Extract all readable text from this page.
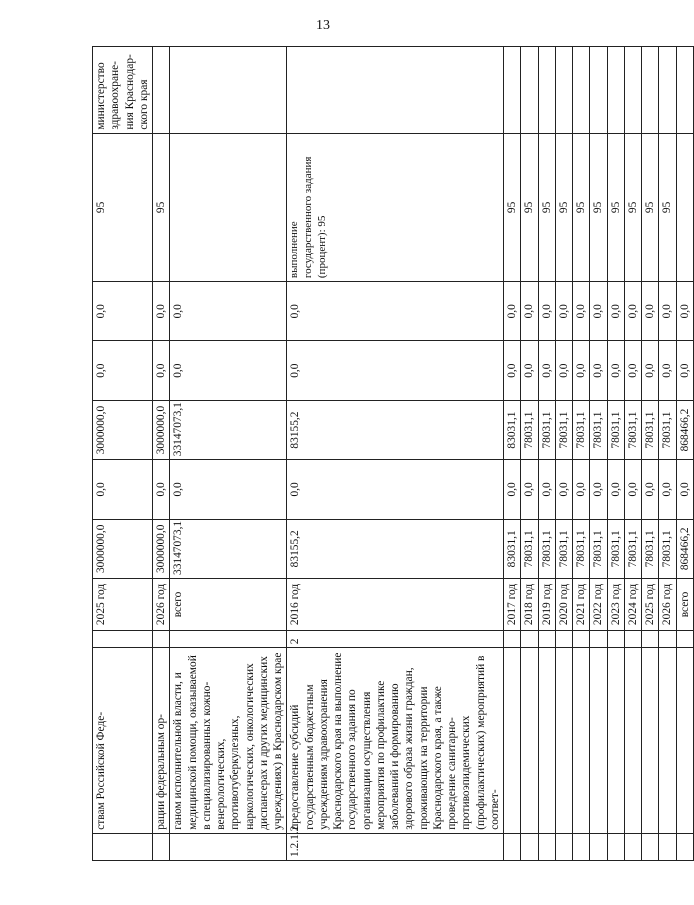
13
	ствам Российской Феде-		2025 год	3000000,0	0,0	3000000,0	0,0	0,0	95	министерство здравоохране-ния Краснодар-ского края
	рации федеральным ор-		2026 год	3000000,0	0,0	3000000,0	0,0	0,0	95	
	ганом исполнительной власти, и медицинской помощи, оказываемой в специализированных кожно-венерологических, противотуберкулезных, наркологических, онкологических диспансерах и других медицинских учреждениях) в Краснодарском крае		всего	33147073,1	0,0	33147073,1	0,0	0,0		
1.2.1.2	предоставление субсидий государственным бюджетным учреждениям здравоохранения Краснодарского края на выполнение государственного задания по организации осуществления мероприятия по профилактике заболеваний и формированию здорового образа жизни граждан, проживающих на территории Краснодарского края, а также проведение санитарно-противоэпидемических (профилактических) мероприятий в соответ-	2	2016 год	83155,2	0,0	83155,2	0,0	0,0	выполнение государственного задания (процент): 95	
			2017 год	83031,1	0,0	83031,1	0,0	0,0	95	
			2018 год	78031,1	0,0	78031,1	0,0	0,0	95	
			2019 год	78031,1	0,0	78031,1	0,0	0,0	95	
			2020 год	78031,1	0,0	78031,1	0,0	0,0	95	
			2021 год	78031,1	0,0	78031,1	0,0	0,0	95	
			2022 год	78031,1	0,0	78031,1	0,0	0,0	95	
			2023 год	78031,1	0,0	78031,1	0,0	0,0	95	
			2024 год	78031,1	0,0	78031,1	0,0	0,0	95	
			2025 год	78031,1	0,0	78031,1	0,0	0,0	95	
			2026 год	78031,1	0,0	78031,1	0,0	0,0	95	
			всего	868466,2	0,0	868466,2	0,0	0,0		
